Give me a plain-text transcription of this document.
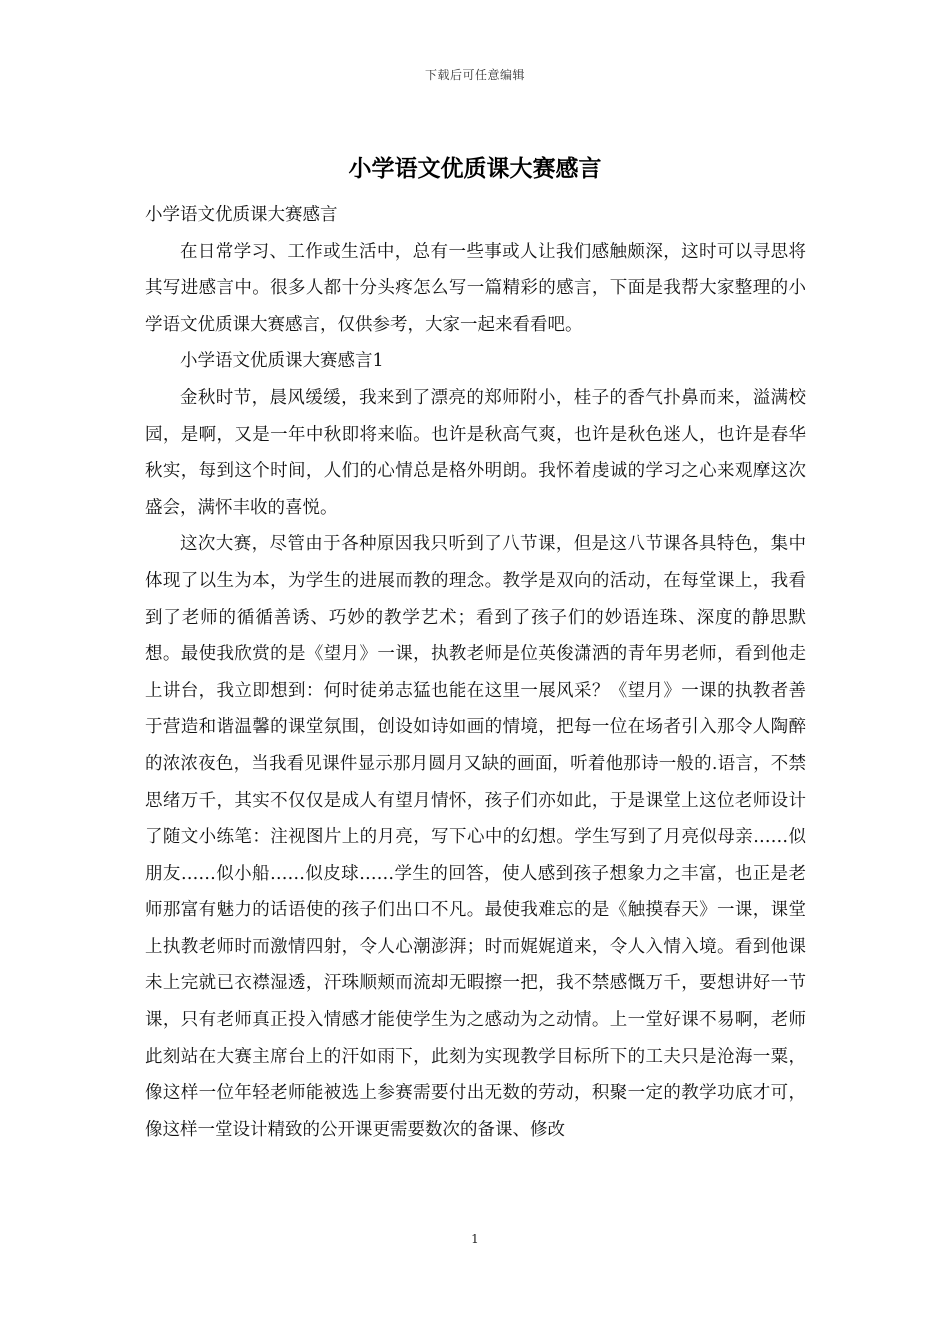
下载后可任意编辑
小学语文优质课大赛感言

小学语文优质课大赛感言

在日常学习、工作或生活中，总有一些事或人让我们感触颇深，这时可以寻思将其写进感言中。很多人都十分头疼怎么写一篇精彩的感言，下面是我帮大家整理的小学语文优质课大赛感言，仅供参考，大家一起来看看吧。

小学语文优质课大赛感言1

金秋时节，晨风缓缓，我来到了漂亮的郑师附小，桂子的香气扑鼻而来，溢满校园，是啊，又是一年中秋即将来临。也许是秋高气爽，也许是秋色迷人，也许是春华秋实，每到这个时间，人们的心情总是格外明朗。我怀着虔诚的学习之心来观摩这次盛会，满怀丰收的喜悦。

这次大赛，尽管由于各种原因我只听到了八节课，但是这八节课各具特色，集中体现了以生为本，为学生的进展而教的理念。教学是双向的活动，在每堂课上，我看到了老师的循循善诱、巧妙的教学艺术；看到了孩子们的妙语连珠、深度的静思默想。最使我欣赏的是《望月》一课，执教老师是位英俊潇洒的青年男老师，看到他走上讲台，我立即想到：何时徒弟志猛也能在这里一展风采？《望月》一课的执教者善于营造和谐温馨的课堂氛围，创设如诗如画的情境，把每一位在场者引入那令人陶醉的浓浓夜色，当我看见课件显示那月圆月又缺的画面，听着他那诗一般的.语言，不禁思绪万千，其实不仅仅是成人有望月情怀，孩子们亦如此，于是课堂上这位老师设计了随文小练笔：注视图片上的月亮，写下心中的幻想。学生写到了月亮似母亲……似朋友……似小船……似皮球……学生的回答，使人感到孩子想象力之丰富，也正是老师那富有魅力的话语使的孩子们出口不凡。最使我难忘的是《触摸春天》一课，课堂上执教老师时而激情四射，令人心潮澎湃；时而娓娓道来，令人入情入境。看到他课未上完就已衣襟湿透，汗珠顺颊而流却无暇擦一把，我不禁感慨万千，要想讲好一节课，只有老师真正投入情感才能使学生为之感动为之动情。上一堂好课不易啊，老师此刻站在大赛主席台上的汗如雨下，此刻为实现教学目标所下的工夫只是沧海一粟，像这样一位年轻老师能被选上参赛需要付出无数的劳动，积聚一定的教学功底才可，像这样一堂设计精致的公开课更需要数次的备课、修改

1
